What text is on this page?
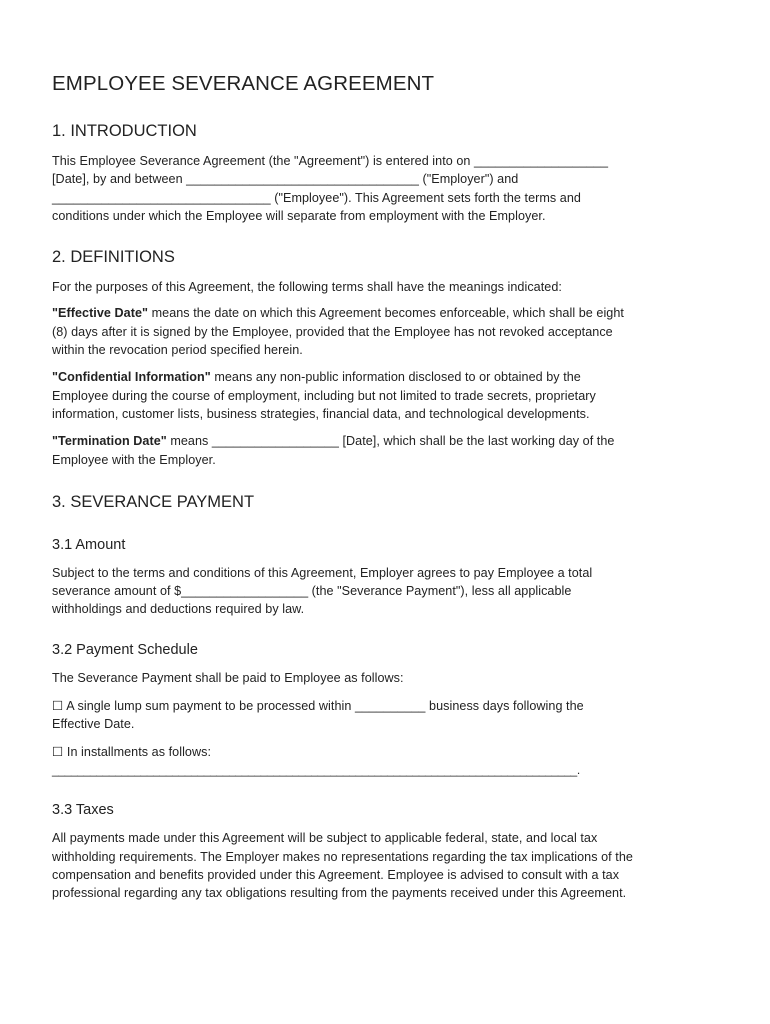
EMPLOYEE SEVERANCE AGREEMENT
1. INTRODUCTION

This Employee Severance Agreement (the "Agreement") is entered into on ___________________
[Date], by and between _________________________________ ("Employer") and
_______________________________ ("Employee"). This Agreement sets forth the terms and
conditions under which the Employee will separate from employment with the Employer.

2. DEFINITIONS

For the purposes of this Agreement, the following terms shall have the meanings indicated:

"Effective Date" means the date on which this Agreement becomes enforceable, which shall be eight
(8) days after it is signed by the Employee, provided that the Employee has not revoked acceptance
within the revocation period specified herein.

"Confidential Information" means any non-public information disclosed to or obtained by the
Employee during the course of employment, including but not limited to trade secrets, proprietary
information, customer lists, business strategies, financial data, and technological developments.

"Termination Date" means __________________ [Date], which shall be the last working day of the
Employee with the Employer.

3. SEVERANCE PAYMENT
3.1 Amount

Subject to the terms and conditions of this Agreement, Employer agrees to pay Employee a total
severance amount of $__________________ (the "Severance Payment"), less all applicable
withholdings and deductions required by law.

3.2 Payment Schedule

The Severance Payment shall be paid to Employee as follows:

☐ A single lump sum payment to be processed within __________ business days following the
Effective Date.

☐ In installments as follows:
___________________________________________________________________________________.

3.3 Taxes

All payments made under this Agreement will be subject to applicable federal, state, and local tax
withholding requirements. The Employer makes no representations regarding the tax implications of the
compensation and benefits provided under this Agreement. Employee is advised to consult with a tax
professional regarding any tax obligations resulting from the payments received under this Agreement.
